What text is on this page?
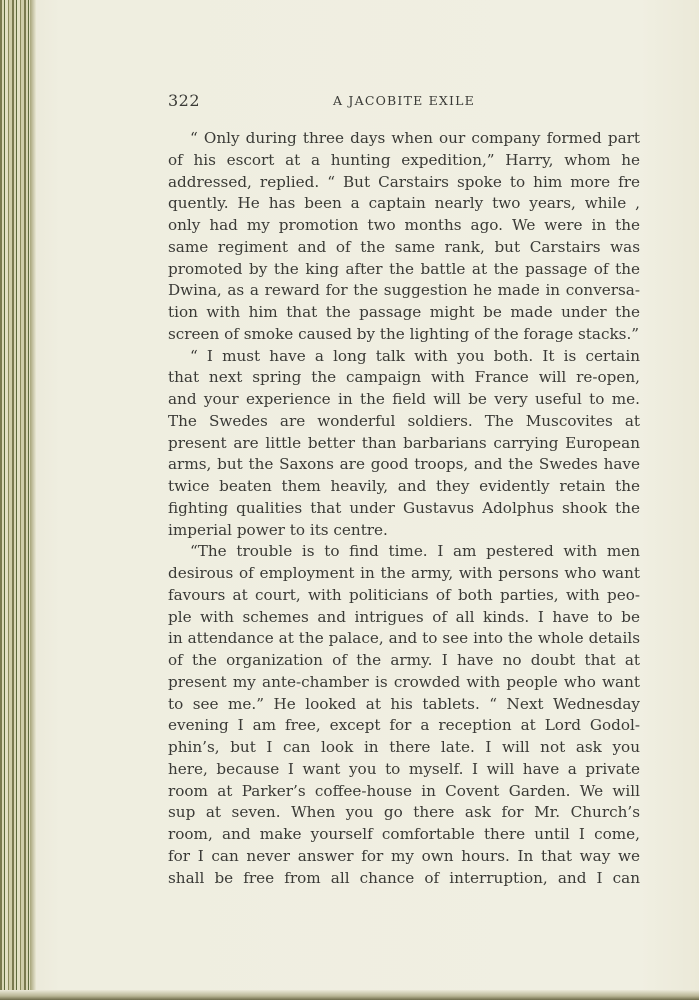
322	A JACOBITE EXILE
“ Only during three days when our company formed part
of his escort at a hunting expedition,” Harry, whom he
addressed, replied. “ But Carstairs spoke to him more fre
quently. He has been a captain nearly two years, while ,
only had my promotion two months ago. We were in the
same regiment and of the same rank, but Carstairs was
promoted by the king after the battle at the passage of the
Dwina, as a reward for the suggestion he made in conversa-
tion with him that the passage might be made under the
screen of smoke caused by the lighting of the forage stacks.”
“ I must have a long talk with you both. It is certain
that next spring the campaign with France will re-open,
and your experience in the field will be very useful to me.
The Swedes are wonderful soldiers. The Muscovites at
present are little better than barbarians carrying European
arms, but the Saxons are good troops, and the Swedes have
twice beaten them heavily, and they evidently retain the
fighting qualities that under Gustavus Adolphus shook the
imperial power to its centre.
“The trouble is to find time. I am pestered with men
desirous of employment in the army, with persons who want
favours at court, with politicians of both parties, with peo-
ple with schemes and intrigues of all kinds. I have to be
in attendance at the palace, and to see into the whole details
of the organization of the army. I have no doubt that at
present my ante-chamber is crowded with people who want
to see me.” He looked at his tablets. “ Next Wednesday
evening I am free, except for a reception at Lord Godol-
phin’s, but I can look in there late. I will not ask you
here, because I want you to myself. I will have a private
room at Parker’s coffee-house in Covent Garden. We will
sup at seven. When you go there ask for Mr. Church’s
room, and make yourself comfortable there until I come,
for I can never answer for my own hours. In that way we
shall be free from all chance of interruption, and I can
